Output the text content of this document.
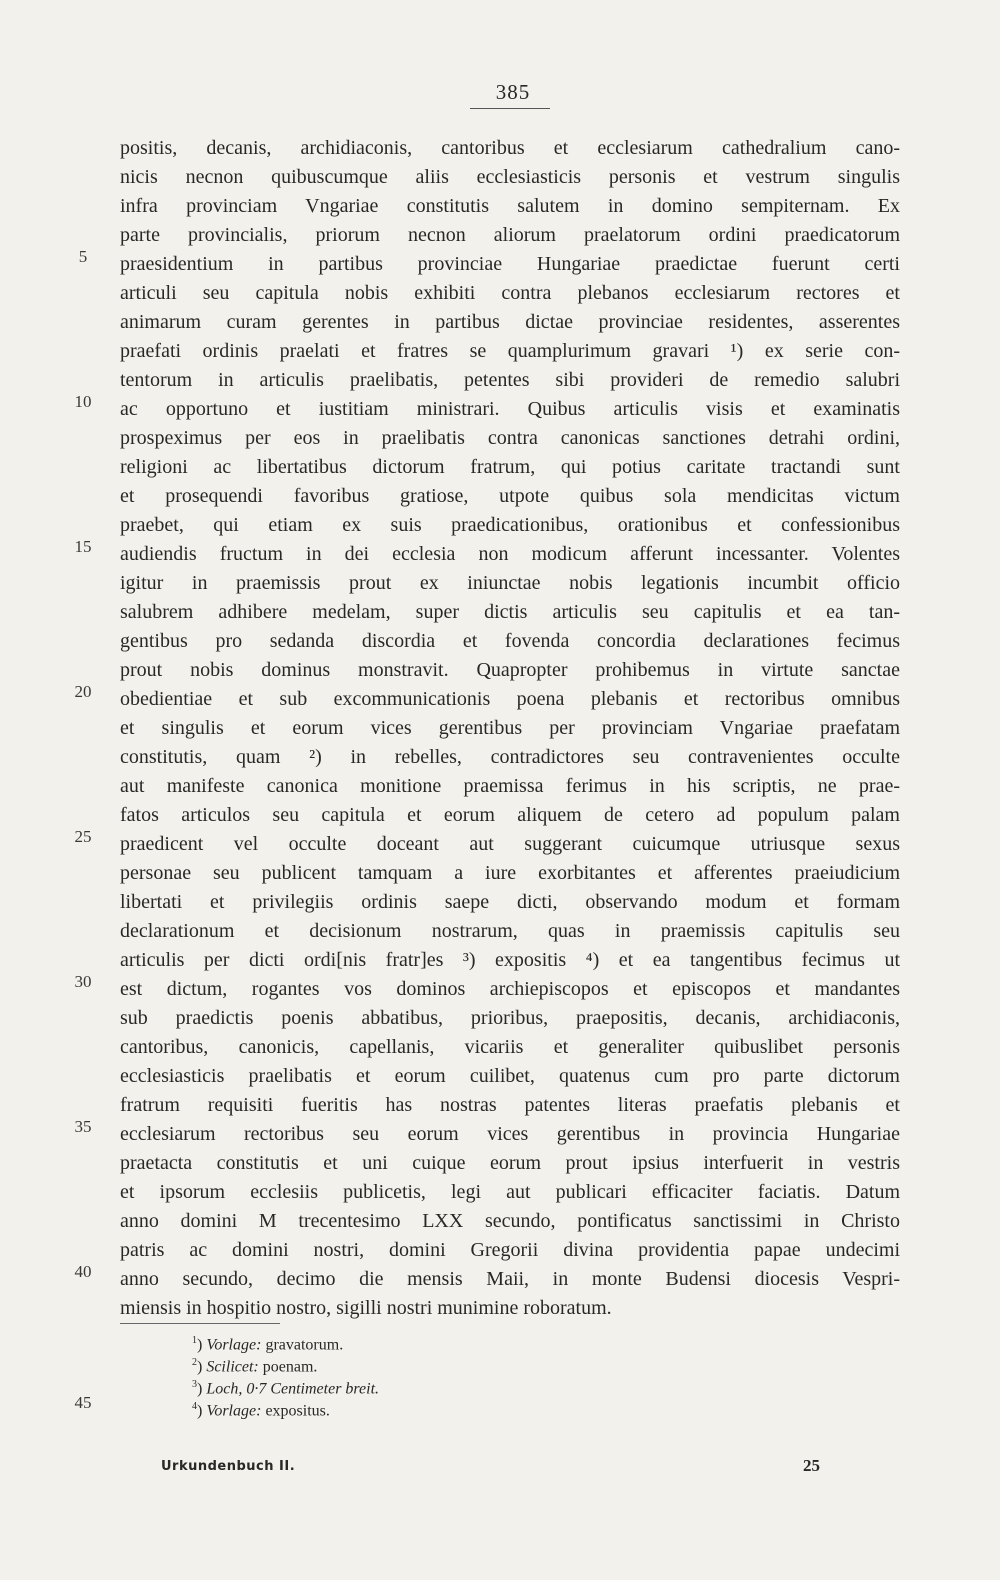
385
positis, decanis, archidiaconis, cantoribus et ecclesiarum cathedralium cano-
nicis necnon quibuscumque aliis ecclesiasticis personis et vestrum singulis
infra provinciam Vngariae constitutis salutem in domino sempiternam. Ex
parte provincialis, priorum necnon aliorum praelatorum ordini praedicatorum
praesidentium in partibus provinciae Hungariae praedictae fuerunt certi
articuli seu capitula nobis exhibiti contra plebanos ecclesiarum rectores et
animarum curam gerentes in partibus dictae provinciae residentes, asserentes
praefati ordinis praelati et fratres se quamplurimum gravari ¹) ex serie con-
tentorum in articulis praelibatis, petentes sibi provideri de remedio salubri
ac opportuno et iustitiam ministrari. Quibus articulis visis et examinatis
prospeximus per eos in praelibatis contra canonicas sanctiones detrahi ordini,
religioni ac libertatibus dictorum fratrum, qui potius caritate tractandi sunt
et prosequendi favoribus gratiose, utpote quibus sola mendicitas victum
praebet, qui etiam ex suis praedicationibus, orationibus et confessionibus
audiendis fructum in dei ecclesia non modicum afferunt incessanter. Volentes
igitur in praemissis prout ex iniunctae nobis legationis incumbit officio
salubrem adhibere medelam, super dictis articulis seu capitulis et ea tan-
gentibus pro sedanda discordia et fovenda concordia declarationes fecimus
prout nobis dominus monstravit. Quapropter prohibemus in virtute sanctae
obedientiae et sub excommunicationis poena plebanis et rectoribus omnibus
et singulis et eorum vices gerentibus per provinciam Vngariae praefatam
constitutis, quam ²) in rebelles, contradictores seu contravenientes occulte
aut manifeste canonica monitione praemissa ferimus in his scriptis, ne prae-
fatos articulos seu capitula et eorum aliquem de cetero ad populum palam
praedicent vel occulte doceant aut suggerant cuicumque utriusque sexus
personae seu publicent tamquam a iure exorbitantes et afferentes praeiudicium
libertati et privilegiis ordinis saepe dicti, observando modum et formam
declarationum et decisionum nostrarum, quas in praemissis capitulis seu
articulis per dicti ordi[nis fratr]es ³) expositis ⁴) et ea tangentibus fecimus ut
est dictum, rogantes vos dominos archiepiscopos et episcopos et mandantes
sub praedictis poenis abbatibus, prioribus, praepositis, decanis, archidiaconis,
cantoribus, canonicis, capellanis, vicariis et generaliter quibuslibet personis
ecclesiasticis praelibatis et eorum cuilibet, quatenus cum pro parte dictorum
fratrum requisiti fueritis has nostras patentes literas praefatis plebanis et
ecclesiarum rectoribus seu eorum vices gerentibus in provincia Hungariae
praetacta constitutis et uni cuique eorum prout ipsius interfuerit in vestris
et ipsorum ecclesiis publicetis, legi aut publicari efficaciter faciatis. Datum
anno domini M
trecentesimo LXX
secundo, pontificatus sanctissimi in Christo
patris ac domini nostri, domini Gregorii divina providentia papae undecimi
anno secundo, decimo die mensis Maii, in monte Budensi diocesis Vespri-
miensis in hospitio nostro, sigilli nostri munimine roboratum.
5
10
15
20
25
30
35
40
45
$^1$) Vorlage: gravatorum.
$^2$) Scilicet: poenam.
$^3$) Loch, 0·7 Centimeter breit.
$^4$) Vorlage: expositus.
Urkundenbuch II.	25
